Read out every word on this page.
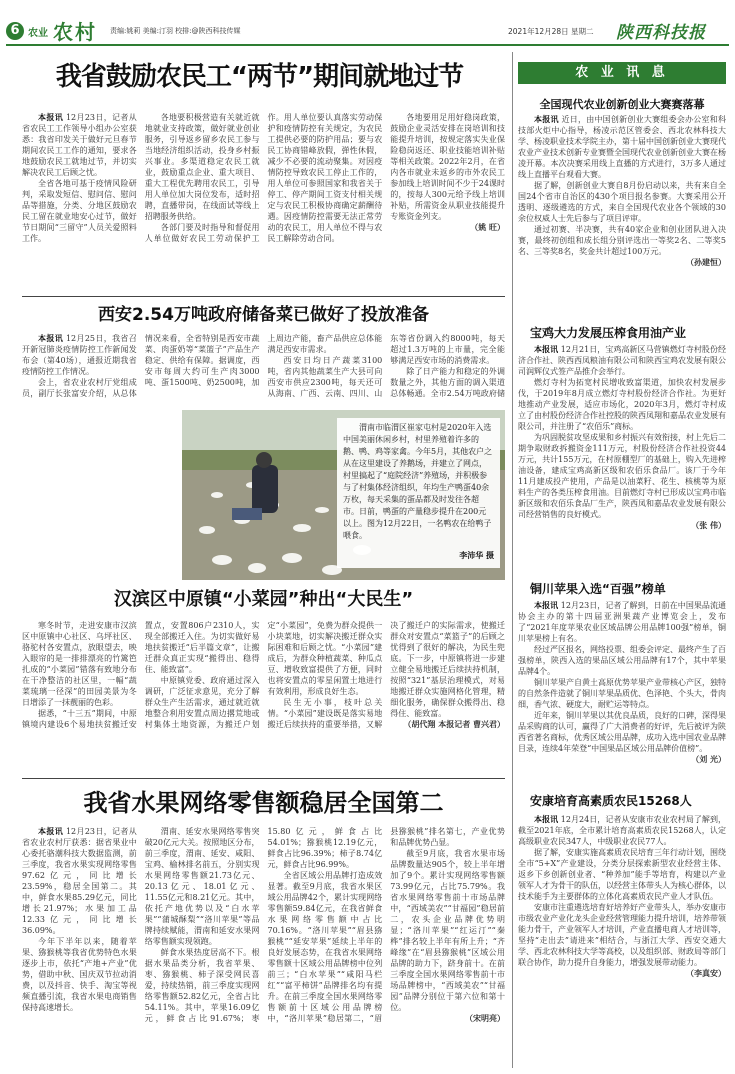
6 农业 农村 责编:姚莉 美编:汀羽 校排:@陕西科技传媒	2021年12月28日 星期二 陕西科技报
我省鼓励农民工“两节”期间就地过节

本报讯 12月23日，记者从省农民工工作领导小组办公室获悉：我省印发关于做好元旦春节期间农民工工作的通知，要求各地鼓励农民工就地过节，并切实解决农民工后顾之忧。

全省各地可基于疫情风险研判，采取发短信、慰问信、慰问品等措施，分类、分地区鼓励农民工留在就业地安心过节，做好节日期间“三留守”人员关爱照料工作。

各地要积极营造有关就近就地就业支持政策，做好就业创业服务，引导返乡留乡农民工参与当地经济组织活动，投身乡村振兴事业。多渠道稳定农民工就业，鼓励重点企业、重大项目、重大工程优先聘用农民工，引导用人单位加大岗位发布，适时招聘，直播带岗，在线面试等线上招聘服务供给。

各部门要及时指导和督促用人单位做好农民工劳动保护工作。用人单位要认真落实劳动保护和疫情防控有关规定，为农民工提供必要的防护用品；要与农民工协商错峰放假，弹性休假，减少不必要的流动聚集。对因疫情防控导致农民工停止工作的，用人单位可参照国家和我省关于停工、停产期间工资支付相关规定与农民工积极协商确定薪酬待遇。因疫情防控需要无法正常劳动的农民工，用人单位不得与农民工解除劳动合同。

各地要用足用好稳岗政策，鼓励企业灵活安排在岗培训和技能提升培训，按规定落实失业保险稳岗返还、职业技能培训补贴等相关政策。2022年2月，在省内各市就业未返乡的市外农民工参加线上培训时间不少于24课时的，按每人300元给予线上培训补贴，所需资金从职业技能提升专账资金列支。

（姚 旺）
西安2.54万吨政府储备菜已做好了投放准备

本报讯 12月25日，我省召开新冠肺炎疫情防控工作新闻发布会（第40场），通报近期我省疫情防控工作情况。

会上，省农业农村厅党组成员，副厅长张富安介绍，从总体情况来看，全省特别是西安市蔬菜、肉蛋奶等“菜篮子”产品生产稳定、供给有保障。据调度，西安市每周大约可生产肉3000吨、蛋1500吨、奶2500吨，加上周边产能，畜产品供应总体能满足西安市需求。

西安日均日产蔬菜3100吨，省内其他蔬菜生产大县可向西安市供应2300吨，每天还可从海南、广西、云南、四川、山东等省份调入约8000吨，每天超过1.3万吨的上市量，完全能够满足西安市场的消费需求。

除了日产能力和稳定的外调数量之外，其他方面的调入渠道总体畅通。全市2.54万吨政府储

渭南市临渭区崔家屯村是2020年入选中国美丽休闲乡村，村里养殖着许多的鹅、鸭、鸡等家禽。今年5月，其他农户之从在这里建设了养鹅场，并建立了网点，村里搞起了“庭院经济”养殖场，并积极参与了村集体经济组织，年均生产鸭蛋40余万枚，每天采集的蛋品都及时发往各超市。日前，鸭蛋的产量稳步提升在200元以上。图为12月22日，一名鸭农在给鸭子喂食。
李沛华 摄
汉滨区中原镇“小菜园”种出“大民生”

寒冬时节，走进安康市汉滨区中原镇中心社区、乌坪社区、骆驼村各安置点，放眼望去，映入眼帘的是一排排漂亮的竹篱笆扎成的“小菜园”错落有致地分布在干净整洁的社区里，一幅“蔬菜琉璃一径深”的田园美景为冬日增添了一抹靓丽的色彩。

据悉，“十三五”期间，中原镇境内建设6个易地扶贫搬迁安置点，安置806户2310人，实现全部搬迁入住。为切实做好易地扶贫搬迁“后半篇文章”，让搬迁群众真正实现“搬得出、稳得住、能致富”。

中原镇党委、政府通过深入调研，广泛征求意见，充分了解群众生产生活需求，通过就近就地整合利用安置点周边撂荒地或村集体土地资源，为搬迁户划定“小菜园”，免费为群众提供一小块菜地，切实解决搬迁群众实际困难和后顾之忧。“小菜园”建成后，为群众种植蔬菜、种瓜点豆、增收致富提供了方便，同时也将安置点的零星闲置土地进行有效利用，形成良好生态。

民生无小事，枝叶总关情。“小菜园”建设既是落实易地搬迁后续扶持的重要举措，又解决了搬迁户的实际需求，使搬迁群众对安置点“菜篮子”的后顾之忧得到了很好的解决，为民生兜底。下一步，中原镇将进一步建立健全易地搬迁后续扶持机制，按照“321”基层治理模式，对易地搬迁群众实施网格化管理，精细化服务，确保群众搬得出、稳得住、能致富。

（胡代翔 本报记者 曹兴君）
我省水果网络零售额稳居全国第二

本报讯 12月23日，记者从省农业农村厅获悉：据省果业中心委托骆潮科技大数据监测，前三季度，我省水果实现网络零售97.62亿元，同比增长23.59%，稳居全国第二。其中，鲜食水果85.29亿元，同比增长21.97%；水果加工品12.33亿元，同比增长36.09%。

今年下半年以来，随着苹果、猕猴桃等我省优势特色水果逐步上市，依托“产地+产业”优势，借助中秋、国庆双节拉动消费，以及抖音、快手、淘宝等视频直播引流，我省水果电商销售保持高速增长。

渭南、延安水果网络零售突破20亿元大关。按照地区分布，前三季度，渭南、延安、咸阳、宝鸡、榆林排名前五，分别实现水果网络零售额21.73亿元、20.13亿元、18.01亿元、11.55亿元和8.21亿元。其中，依托产地优势以及“白水苹果”“蒲城酥梨”“洛川苹果”等品牌持续赋能，渭南和延安水果网络零售额实现领跑。

鲜食水果热度居高不下。根据水果品类分析，我省苹果、枣、猕猴桃、柿子深受网民喜爱，持续热销，前三季度实现网络零售额52.82亿元，全省占比54.11%。其中，苹果16.09亿元，鲜食占比91.67%；枣15.80亿元，鲜食占比54.01%；猕猴桃12.19亿元，鲜食占比96.39%；柿子8.74亿元，鲜食占比96.99%。

全省区域公用品牌打造成效显著。截至9月底，我省水果区域公用品牌42个，累计实现网络零售额59.84亿元，在我省鲜食水果网络零售额中占比70.16%。“洛川苹果”“眉县猕猴桃”“延安苹果”延续上半年的良好发展态势，在我省水果网络零售额十区域公用品牌榜中位列前三；“白水苹果”“咸阳马栏红”“富平柿饼”品牌排名均有提升。在前三季度全国水果网络零售额前十区域公用品牌榜中，“洛川苹果”稳居第二，“眉县猕猴桃”排名第七，产业优势和品牌优势凸显。

截至9月底，我省水果市场品牌数量达905个，较上半年增加了9个。累计实现网络零售额73.99亿元，占比75.79%。我省水果网络零售前十市场品牌中，“西域美农”“甘福园”稳居前二，农头企业品牌优势明显；“洛川苹果”“红运汀”“秦桦”排名较上半年有所上升；“齐峰缘”在“眉县猕猴桃”区域公用品牌的助力下，跻身前十。在前三季度全国水果网络零售前十市场品牌榜中，“西域美农”“甘福园”品牌分别位于第六位和第十位。

（宋明亮）
农 业 讯 息
全国现代农业创新创业大赛赛落幕

本报讯 近日，由中国创新创业大赛组委会办公室和科技部火炬中心指导，杨凌示范区管委会、西北农林科技大学、杨凌职业技术学院主办，第十届中国创新创业大赛现代农业产业技术创新专业赛暨全国现代农业创新创业大赛在杨凌开幕。本次决赛采用线上直播的方式进行，3万多人通过线上直播平台观看大赛。

据了解，创新创业大赛自8月份启动以来，共有来自全国24个省市自治区的430个项目报名参赛。大赛采用公开透明、逐级遴选的方式，来自全国现代农业各个领域的30余位权威人士先后参与了项目评审。

通过初赛、半决赛，共有40家企业和创业团队进入决赛，最终初创组和成长组分别评选出一等奖2名、二等奖5名、三等奖8名，奖金共计超过100万元。

（孙建恒）
宝鸡大力发展压榨食用油产业

本报讯 12月21日，宝鸡高新区马营镇燃灯寺村股份经济合作社、陕西西凤粮油有限公司和陕西宝鸡农发展有限公司润辉仪式签产品推介会举行。

燃灯寺村为拓宽村民增收致富渠道，加快农村发展步伐，于2019年8月成立燃灯寺村股份经济合作社。为更好地推动产业发展，适应市场化，2020年3月，燃灯寺村成立了由村股份经济合作社控股的陕西凤翔和嘉品农业发展有限公司，并注册了“农佰乐”商标。

为巩固脱贫攻坚成果和乡村振兴有效衔接，村上先后二期争取财政拆搬资金111万元，村股份经济合作社投资44万元，共计155万元，在村原棚型厂的基础上，购入先进榨油设备，建成宝鸡高新区级和农佰乐食品厂。该厂于今年11月建成投产使用，产品是以油菜籽、花生、核桃等为原料生产的各类压榨食用油。目前燃灯寺村已形成以宝鸡市临新区级和农佰乐食品厂生产，陕西凤和嘉品农业发展有限公司经营销售的良好模式。

（张 伟）
铜川苹果入选“百强”榜单

本报讯 12月23日，记者了解到，日前在中国果品流通协会主办的第十四届亚洲果蔬产业博览会上，发布了“2021年度苹果农业区域品牌公用品牌100强”榜单，铜川苹果榜上有名。

经过严区报名，网络投票、组委会评定、最终产生了百强榜单，陕西入选的果品区域公用品牌有17个，其中苹果品牌4个。

铜川苹果产自黄土高原优势苹果产业带核心产区，独特的自然条件造就了铜川苹果品质优、色泽艳、个头大，骨肉细，香气浓、硬度大，耐贮运等特点。

近年来，铜川苹果以其优良品质，良好的口碑，深得果品采购商的认可，赢得了广大消费者的好评，先后被评为陕西省著名商标，优秀区域公用品牌，成功入选中国农业品牌目录，连续4年荣登“中国果品区域公用品牌价值榜”。

（刘 光）
安康培育高素质农民15268人

本报讯 12月24日，记者从安康市农业农村局了解到，截至2021年底，全市累计培育高素质农民15268人，认定高级职业农民347人，中级职业农民77人。

据了解，安康实施高素质农民培育三年行动计划，围绕全市“5+X”产业建设，分类分层探索新型农业经营主体、返乡下乡创新创业者、“种养加”能手等培育，构建以产业领军人才为骨干的队伍，以经营主体带头人为核心群体，以技术能手为主要群体的立体化高素质农民产业人才队伍。

安康市注重遴选培育好培养好产业带头人，举办安康市市级农业产业化龙头企业经营管理能力提升培训，培养带领能力骨干，产业领军人才培训，产业直播电商人才培训等，坚持“走出去”请进来”相结合，与浙江大学、西安交通大学、西北农林科技大学等高校，以及组织部、财政局等部门联合协作，助力提升自身能力，增强发展带动能力。

（李真安）
